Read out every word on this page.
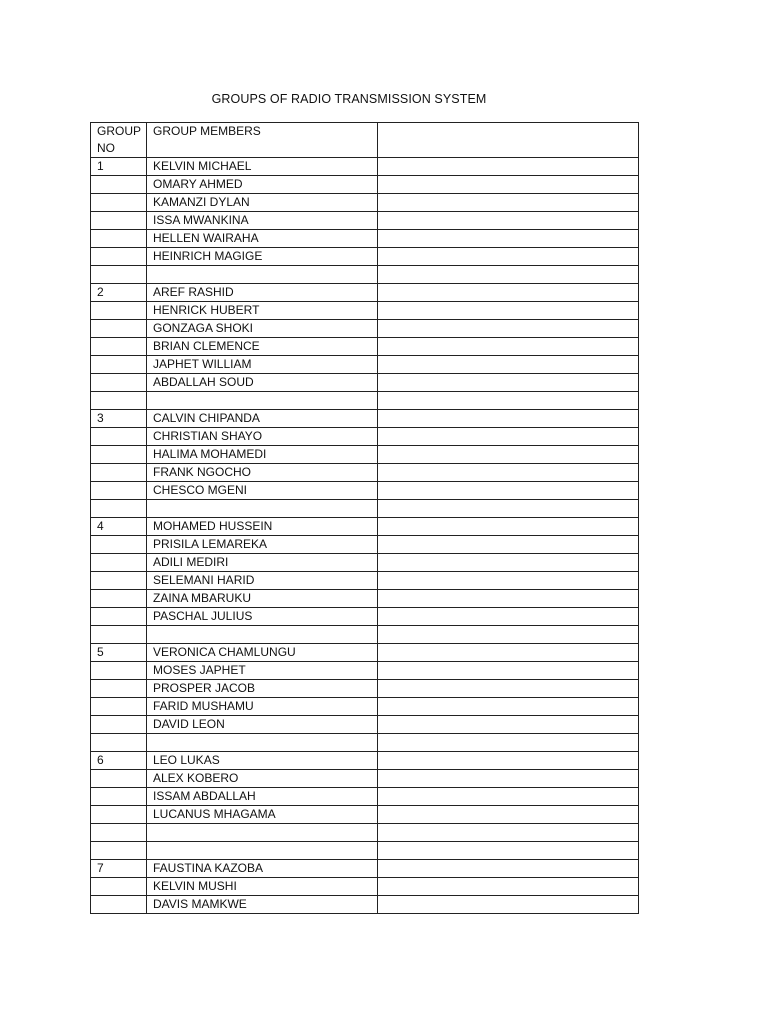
GROUPS OF RADIO TRANSMISSION SYSTEM
GROUP NO	GROUP MEMBERS	
1	KELVIN MICHAEL	
	OMARY AHMED	
	KAMANZI DYLAN	
	ISSA MWANKINA	
	HELLEN WAIRAHA	
	HEINRICH MAGIGE	

2	AREF RASHID	
	HENRICK HUBERT	
	GONZAGA SHOKI	
	BRIAN CLEMENCE	
	JAPHET WILLIAM	
	ABDALLAH SOUD	

3	CALVIN CHIPANDA	
	CHRISTIAN SHAYO	
	HALIMA MOHAMEDI	
	FRANK NGOCHO	
	CHESCO MGENI	

4	MOHAMED HUSSEIN	
	PRISILA LEMAREKA	
	ADILI MEDIRI	
	SELEMANI HARID	
	ZAINA MBARUKU	
	PASCHAL JULIUS	

5	VERONICA CHAMLUNGU	
	MOSES JAPHET	
	PROSPER JACOB	
	FARID MUSHAMU	
	DAVID LEON	

6	LEO LUKAS	
	ALEX KOBERO	
	ISSAM ABDALLAH	
	LUCANUS MHAGAMA	

7	FAUSTINA KAZOBA	
	KELVIN MUSHI	
	DAVIS MAMKWE	
